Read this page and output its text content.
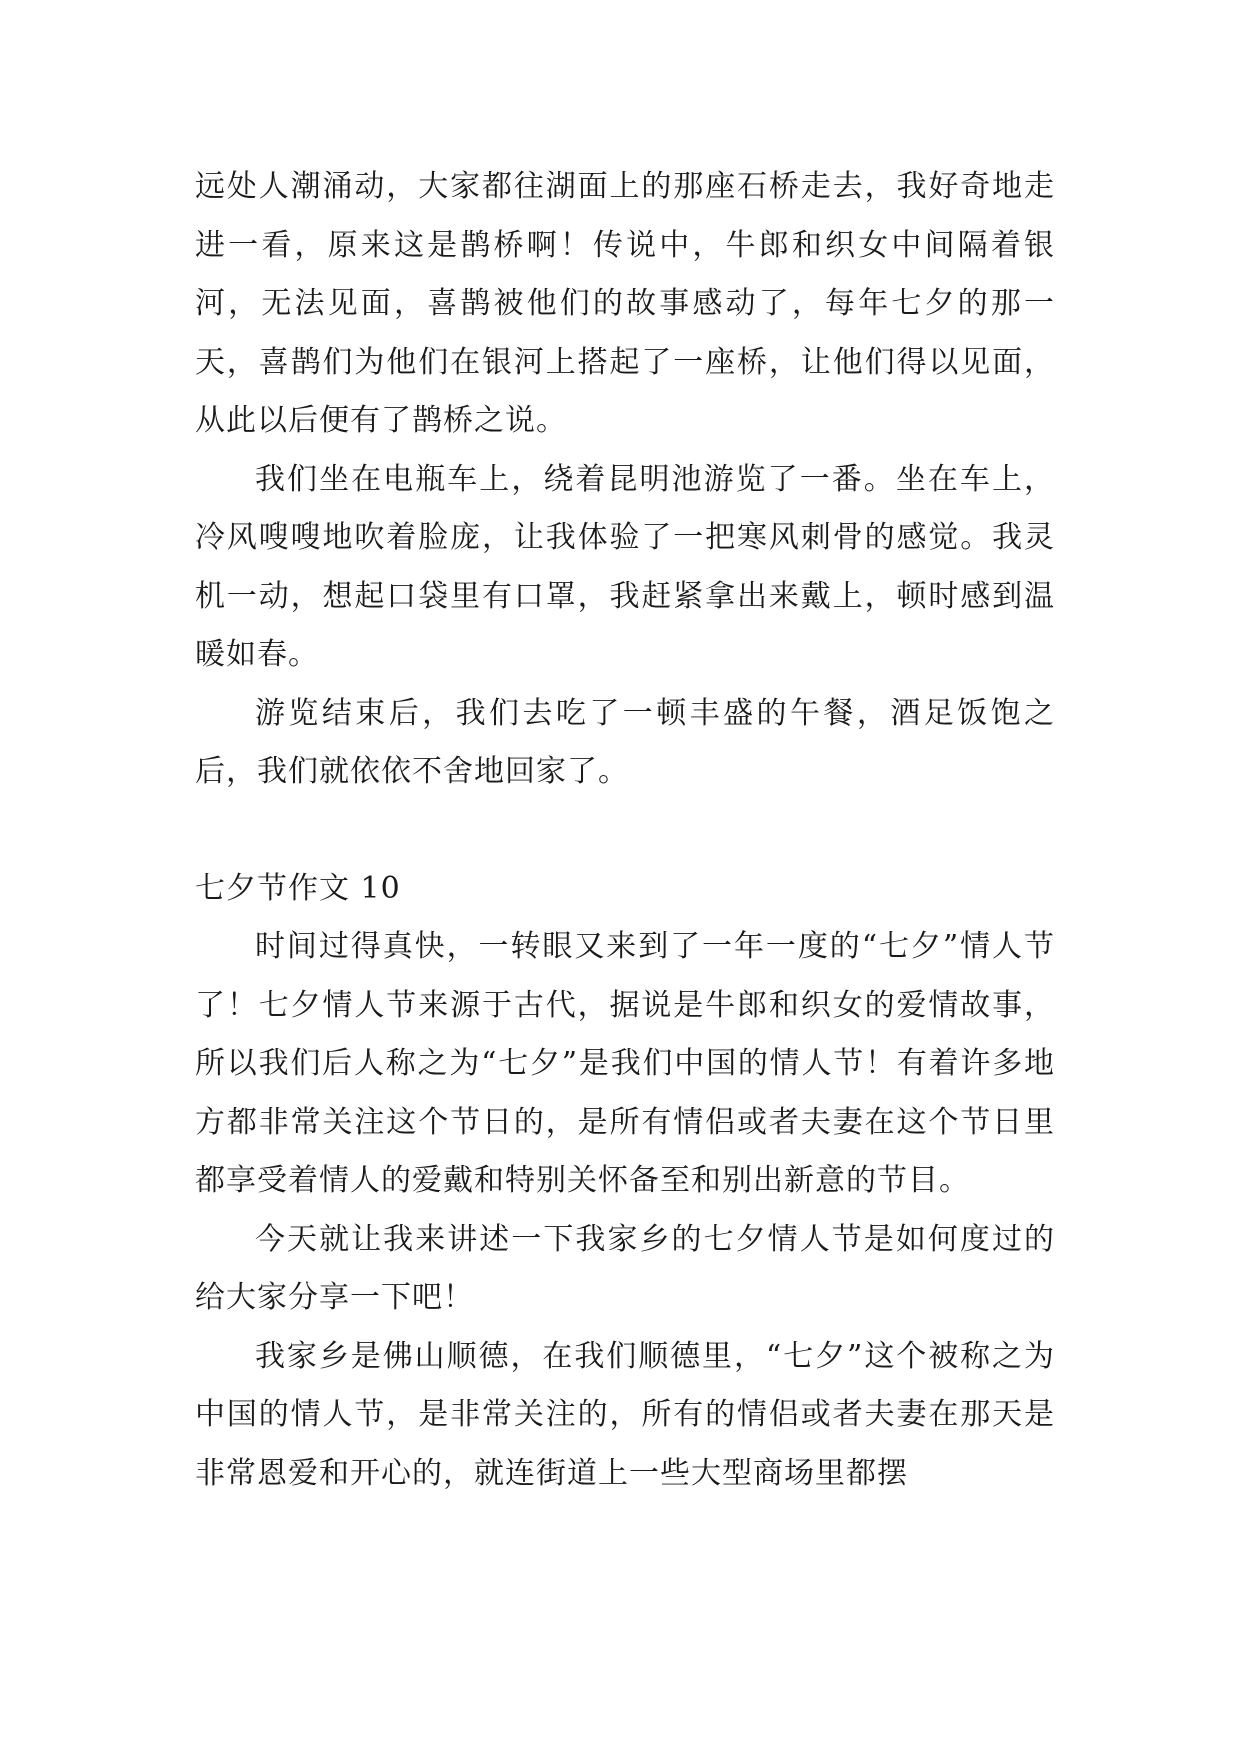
远处人潮涌动，大家都往湖面上的那座石桥走去，我好奇地走进一看，原来这是鹊桥啊！传说中，牛郎和织女中间隔着银河，无法见面，喜鹊被他们的故事感动了，每年七夕的那一天，喜鹊们为他们在银河上搭起了一座桥，让他们得以见面，从此以后便有了鹊桥之说。

我们坐在电瓶车上，绕着昆明池游览了一番。坐在车上，冷风嗖嗖地吹着脸庞，让我体验了一把寒风刺骨的感觉。我灵机一动，想起口袋里有口罩，我赶紧拿出来戴上，顿时感到温暖如春。

游览结束后，我们去吃了一顿丰盛的午餐，酒足饭饱之后，我们就依依不舍地回家了。

七夕节作文 10

时间过得真快，一转眼又来到了一年一度的“七夕”情人节了！七夕情人节来源于古代，据说是牛郎和织女的爱情故事，所以我们后人称之为“七夕”是我们中国的情人节！有着许多地方都非常关注这个节日的，是所有情侣或者夫妻在这个节日里都享受着情人的爱戴和特别关怀备至和别出新意的节目。

今天就让我来讲述一下我家乡的七夕情人节是如何度过的给大家分享一下吧！

我家乡是佛山顺德，在我们顺德里，“七夕”这个被称之为中国的情人节，是非常关注的，所有的情侣或者夫妻在那天是非常恩爱和开心的，就连街道上一些大型商场里都摆
